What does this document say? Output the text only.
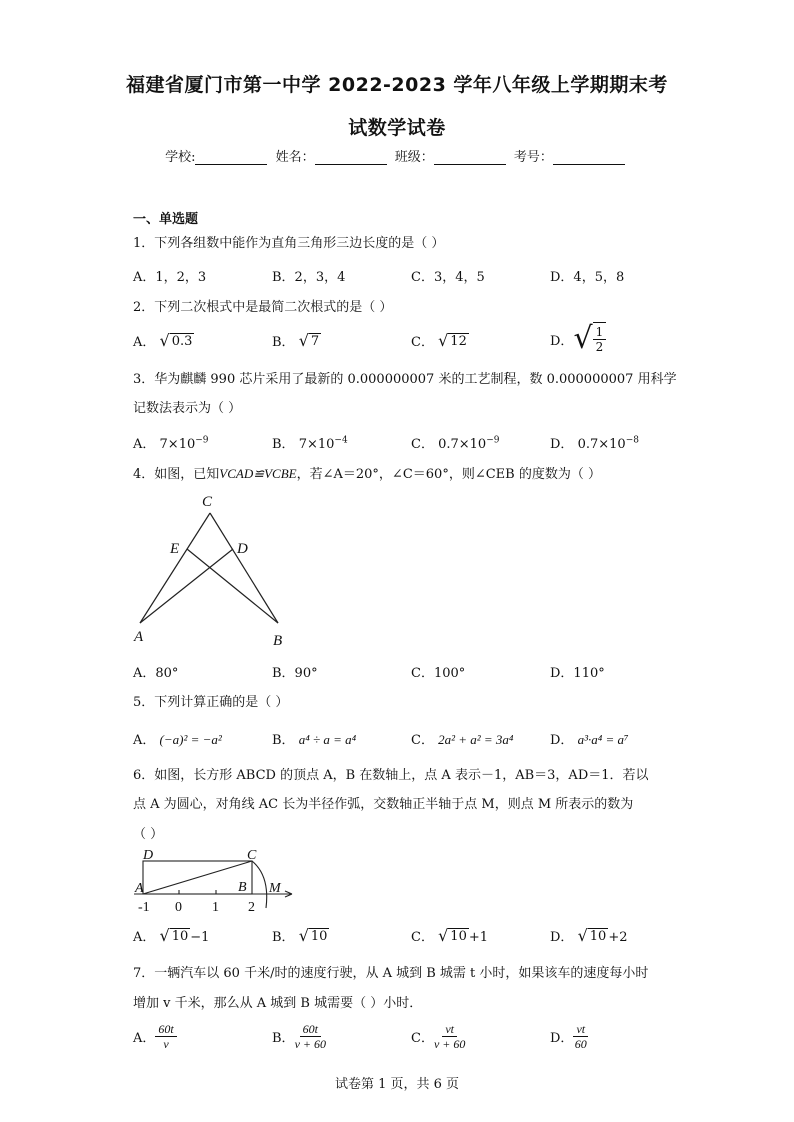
福建省厦门市第一中学 2022-2023 学年八年级上学期期末考
试数学试卷
学校:	姓名：	班级：	考号：
一、单选题
1．下列各组数中能作为直角三角形三边长度的是（ ）
A．1，2，3	B．2，3，4	C．3，4，5	D．4，5，8
2．下列二次根式中是最简二次根式的是（ ）
A． √ 0.3	B． √ 7	C． √ 12	D． √ $\frac{1}{2}$
3．华为麒麟 990 芯片采用了最新的 0.000000007 米的工艺制程，数 0.000000007 用科学
记数法表示为（ ）
A． $7\times 10^{-9}$	B． $7\times 10^{-4}$	C． $0.7\times 10^{-9}$	D． $0.7\times 10^{-8}$
4．如图，已知VCAD≌VCBE，若∠A＝20°，∠C＝60°，则∠CEB 的度数为（ ）
C
E	D
A	B
A．80°	B．90°	C．100°	D．110°
5．下列计算正确的是（ ）
A． (−a)² = −a²	B． a⁴ ÷ a = a⁴	C． 2a² + a² = 3a⁴	D． a³·a⁴ = a⁷
6．如图，长方形 ABCD 的顶点 A，B 在数轴上，点 A 表示－1，AB＝3，AD＝1．若以
点 A 为圆心，对角线 AC 长为半径作弧，交数轴正半轴于点 M，则点 M 所表示的数为
（ ）
D	C
A	B M
-1 0 1 2
A． √ 10 −1	B． √ 10	C． √ 10 +1	D． √ 10 +2
7．一辆汽车以 60 千米/时的速度行驶，从 A 城到 B 城需 t 小时，如果该车的速度每小时
增加 v 千米，那么从 A 城到 B 城需要（ ）小时．
A． $\frac{60t}{v}$	B． $\frac{60t}{v + 60}$	C． $\frac{vt}{v + 60}$	D． $\frac{vt}{60}$
试卷第 1 页，共 6 页
